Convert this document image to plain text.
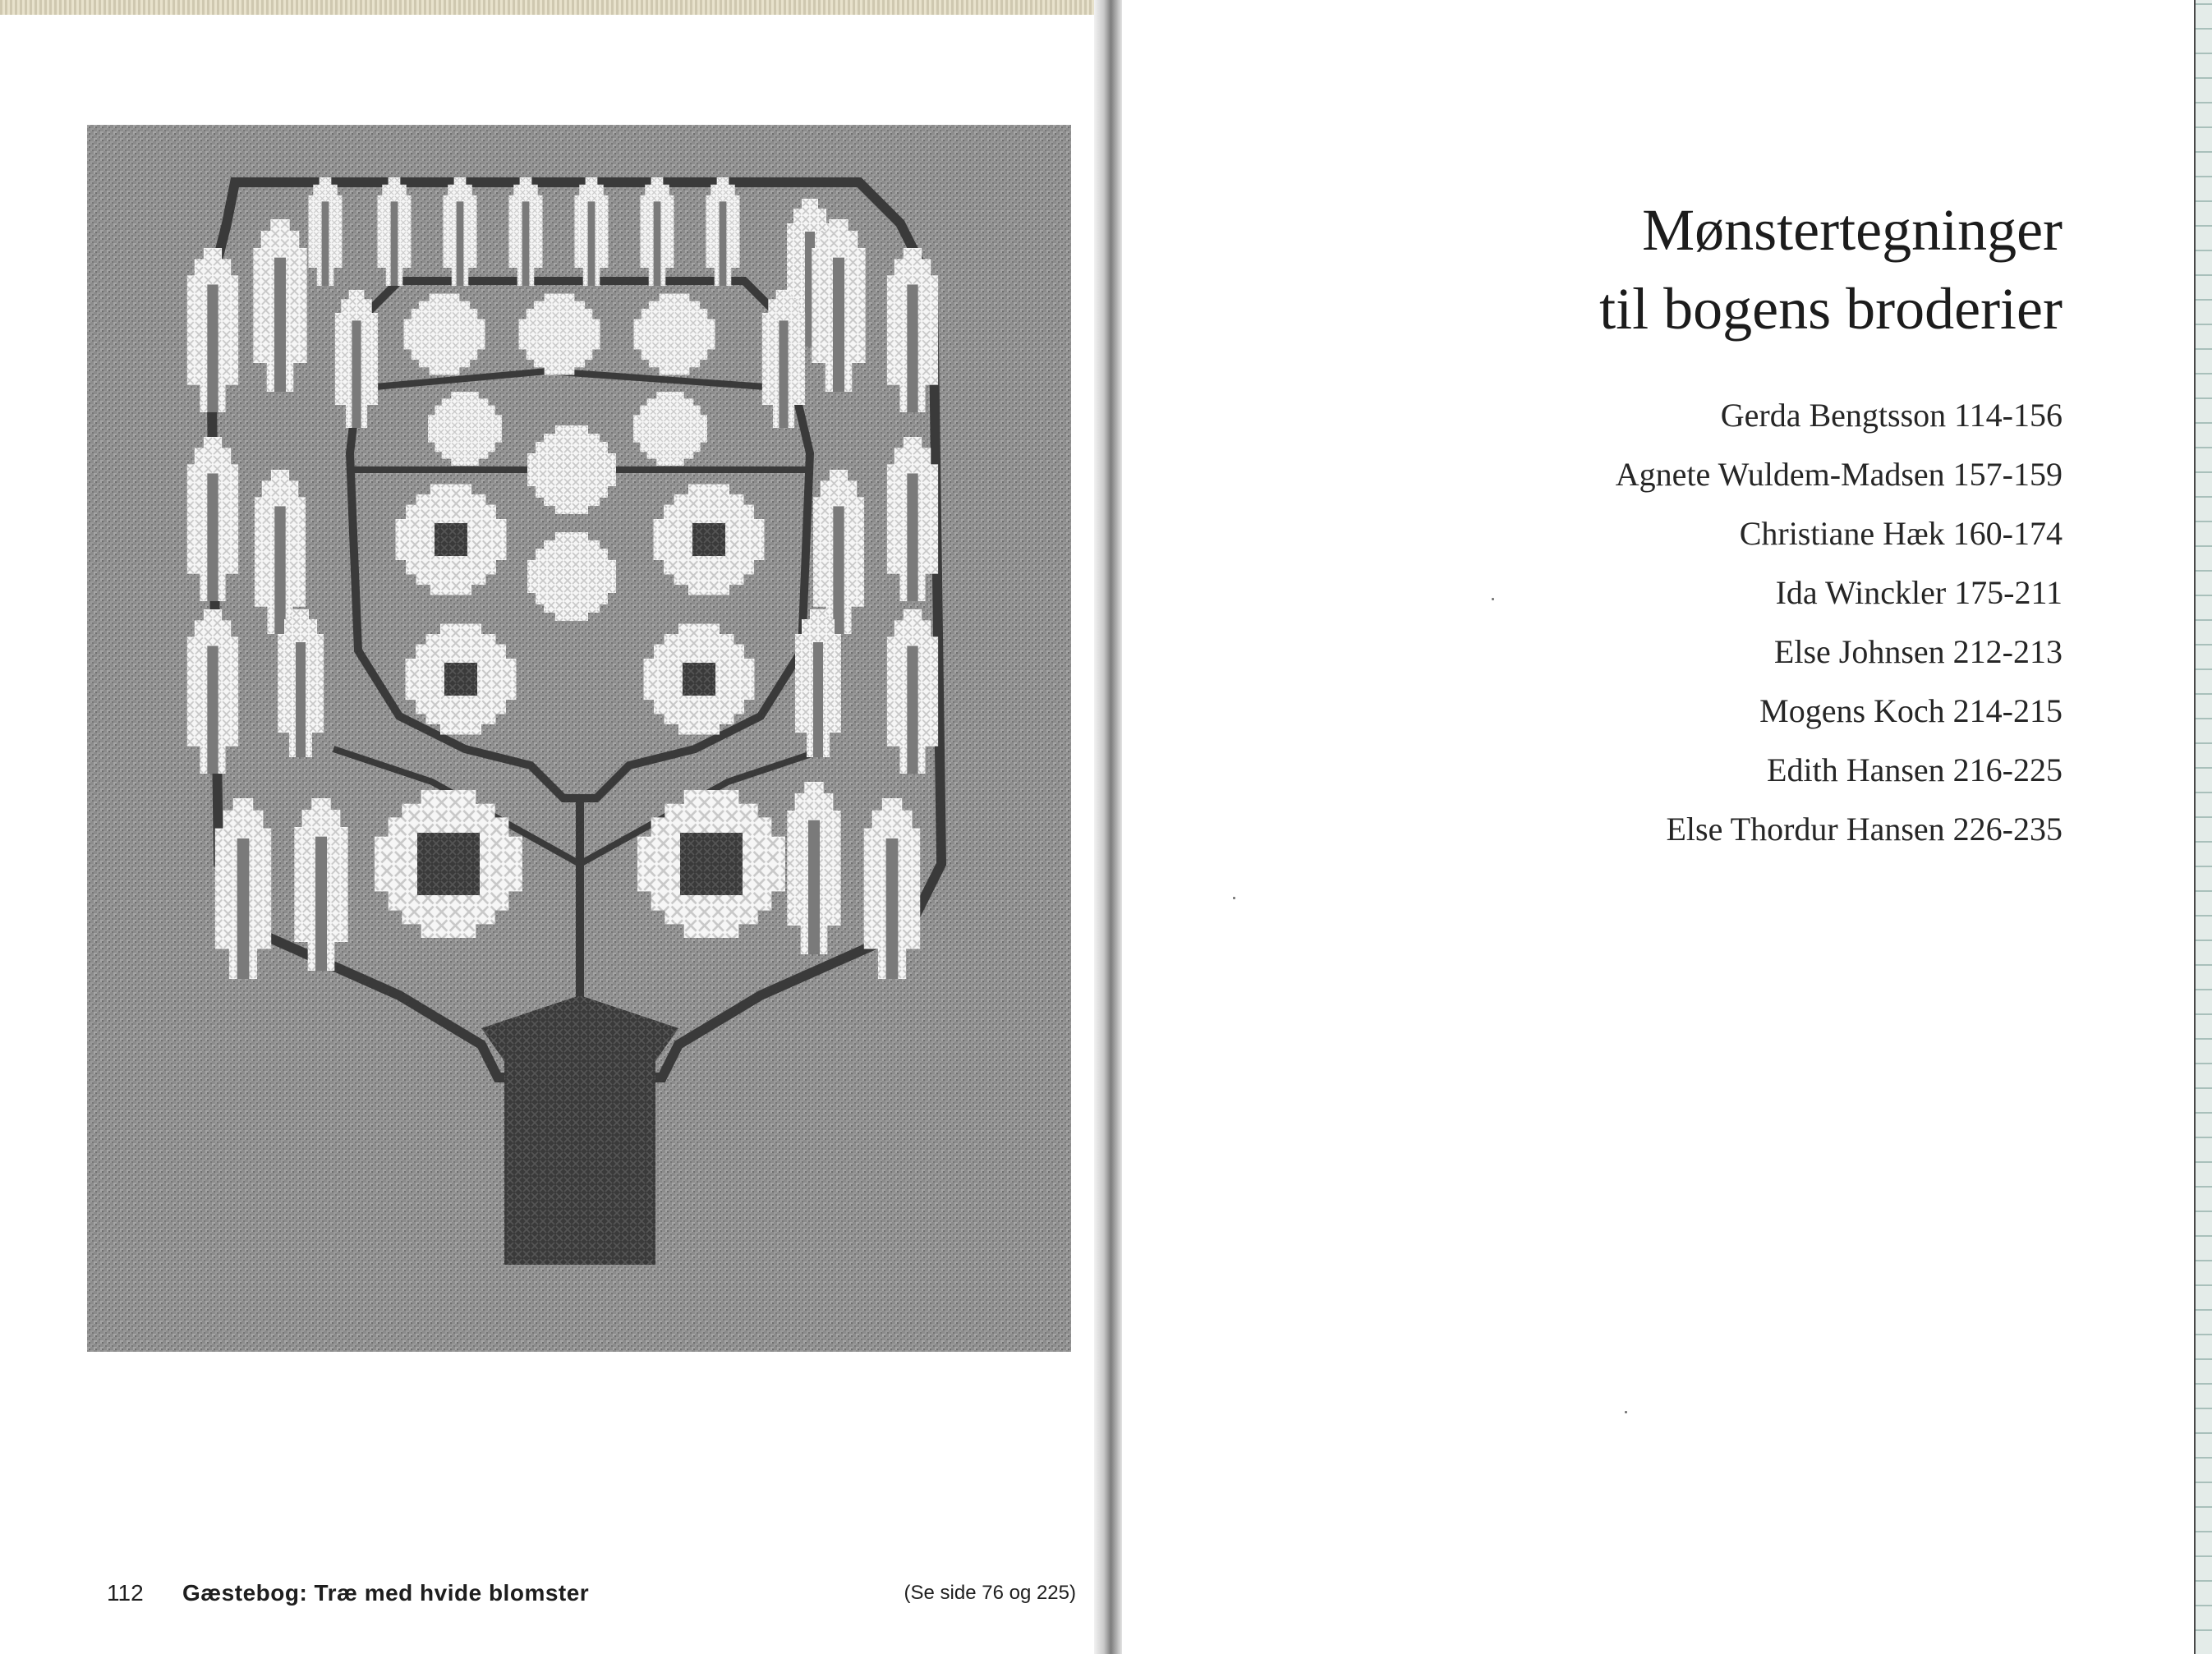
112 Gæstebog: Træ med hvide blomster	(Se side 76 og 225)
Mønstertegninger
til bogens broderier
Gerda Bengtsson 114-156
Agnete Wuldem-Madsen 157-159
Christiane Hæk 160-174
Ida Winckler 175-211
Else Johnsen 212-213
Mogens Koch 214-215
Edith Hansen 216-225
Else Thordur Hansen 226-235
